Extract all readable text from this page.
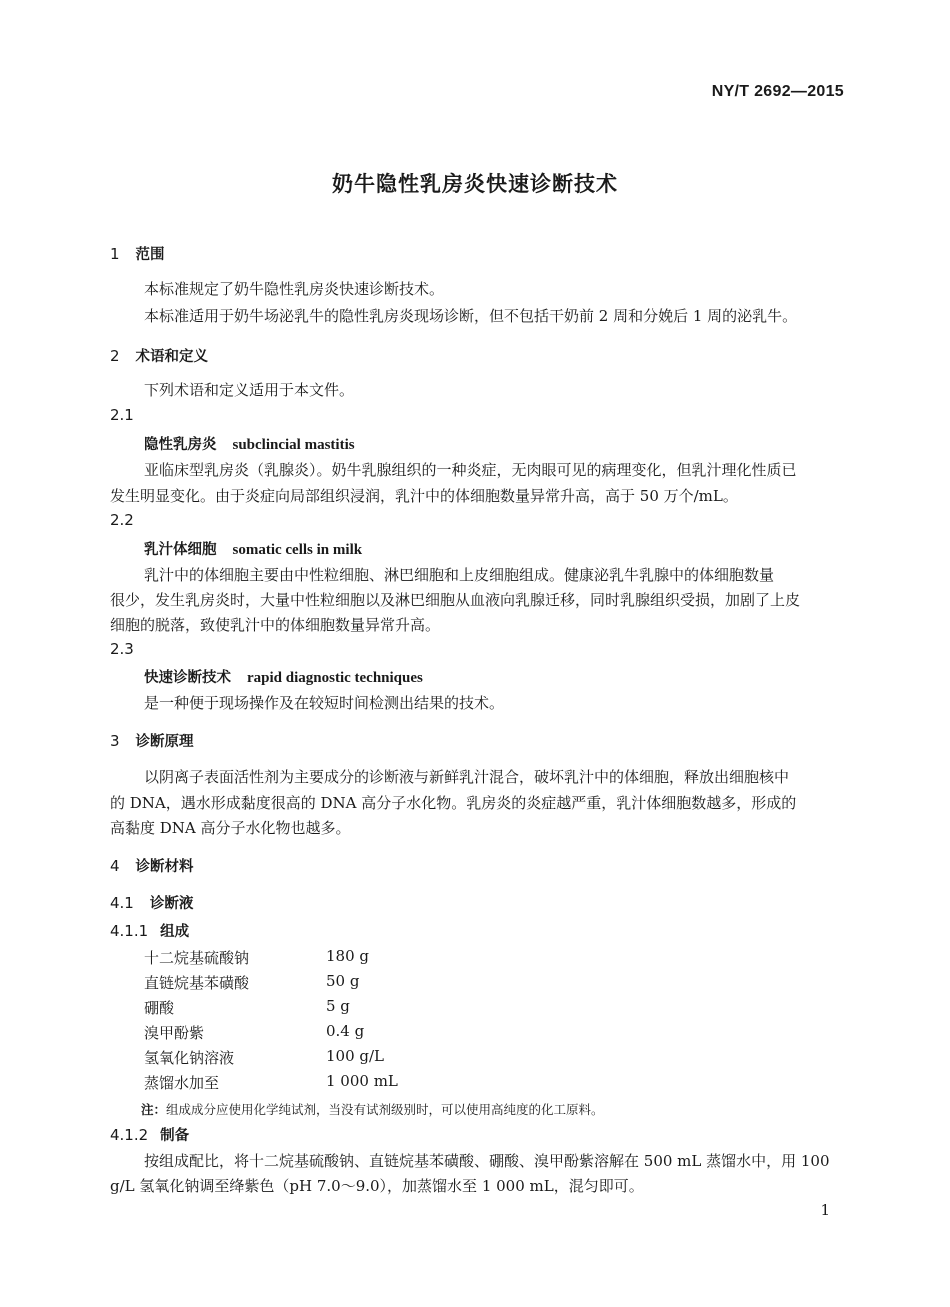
NY/T 2692—2015
奶牛隐性乳房炎快速诊断技术
1 范围
本标准规定了奶牛隐性乳房炎快速诊断技术。
本标准适用于奶牛场泌乳牛的隐性乳房炎现场诊断，但不包括干奶前 2 周和分娩后 1 周的泌乳牛。
2 术语和定义
下列术语和定义适用于本文件。
2.1
隐性乳房炎 subclincial mastitis
亚临床型乳房炎（乳腺炎）。奶牛乳腺组织的一种炎症，无肉眼可见的病理变化，但乳汁理化性质已
发生明显变化。由于炎症向局部组织浸润，乳汁中的体细胞数量异常升高，高于 50 万个/mL。
2.2
乳汁体细胞 somatic cells in milk
乳汁中的体细胞主要由中性粒细胞、淋巴细胞和上皮细胞组成。健康泌乳牛乳腺中的体细胞数量
很少，发生乳房炎时，大量中性粒细胞以及淋巴细胞从血液向乳腺迁移，同时乳腺组织受损，加剧了上皮
细胞的脱落，致使乳汁中的体细胞数量异常升高。
2.3
快速诊断技术 rapid diagnostic techniques
是一种便于现场操作及在较短时间检测出结果的技术。
3 诊断原理
以阴离子表面活性剂为主要成分的诊断液与新鲜乳汁混合，破坏乳汁中的体细胞，释放出细胞核中
的 DNA，遇水形成黏度很高的 DNA 高分子水化物。乳房炎的炎症越严重，乳汁体细胞数越多，形成的
高黏度 DNA 高分子水化物也越多。
4 诊断材料
4.1 诊断液
4.1.1 组成
十二烷基硫酸钠	180 g
直链烷基苯磺酸	50 g
硼酸	5 g
溴甲酚紫	0.4 g
氢氧化钠溶液	100 g/L
蒸馏水加至	1 000 mL
注：组成成分应使用化学纯试剂，当没有试剂级别时，可以使用高纯度的化工原料。
4.1.2 制备
按组成配比，将十二烷基硫酸钠、直链烷基苯磺酸、硼酸、溴甲酚紫溶解在 500 mL 蒸馏水中，用 100
g/L 氢氧化钠调至绛紫色（pH 7.0～9.0），加蒸馏水至 1 000 mL，混匀即可。
1
